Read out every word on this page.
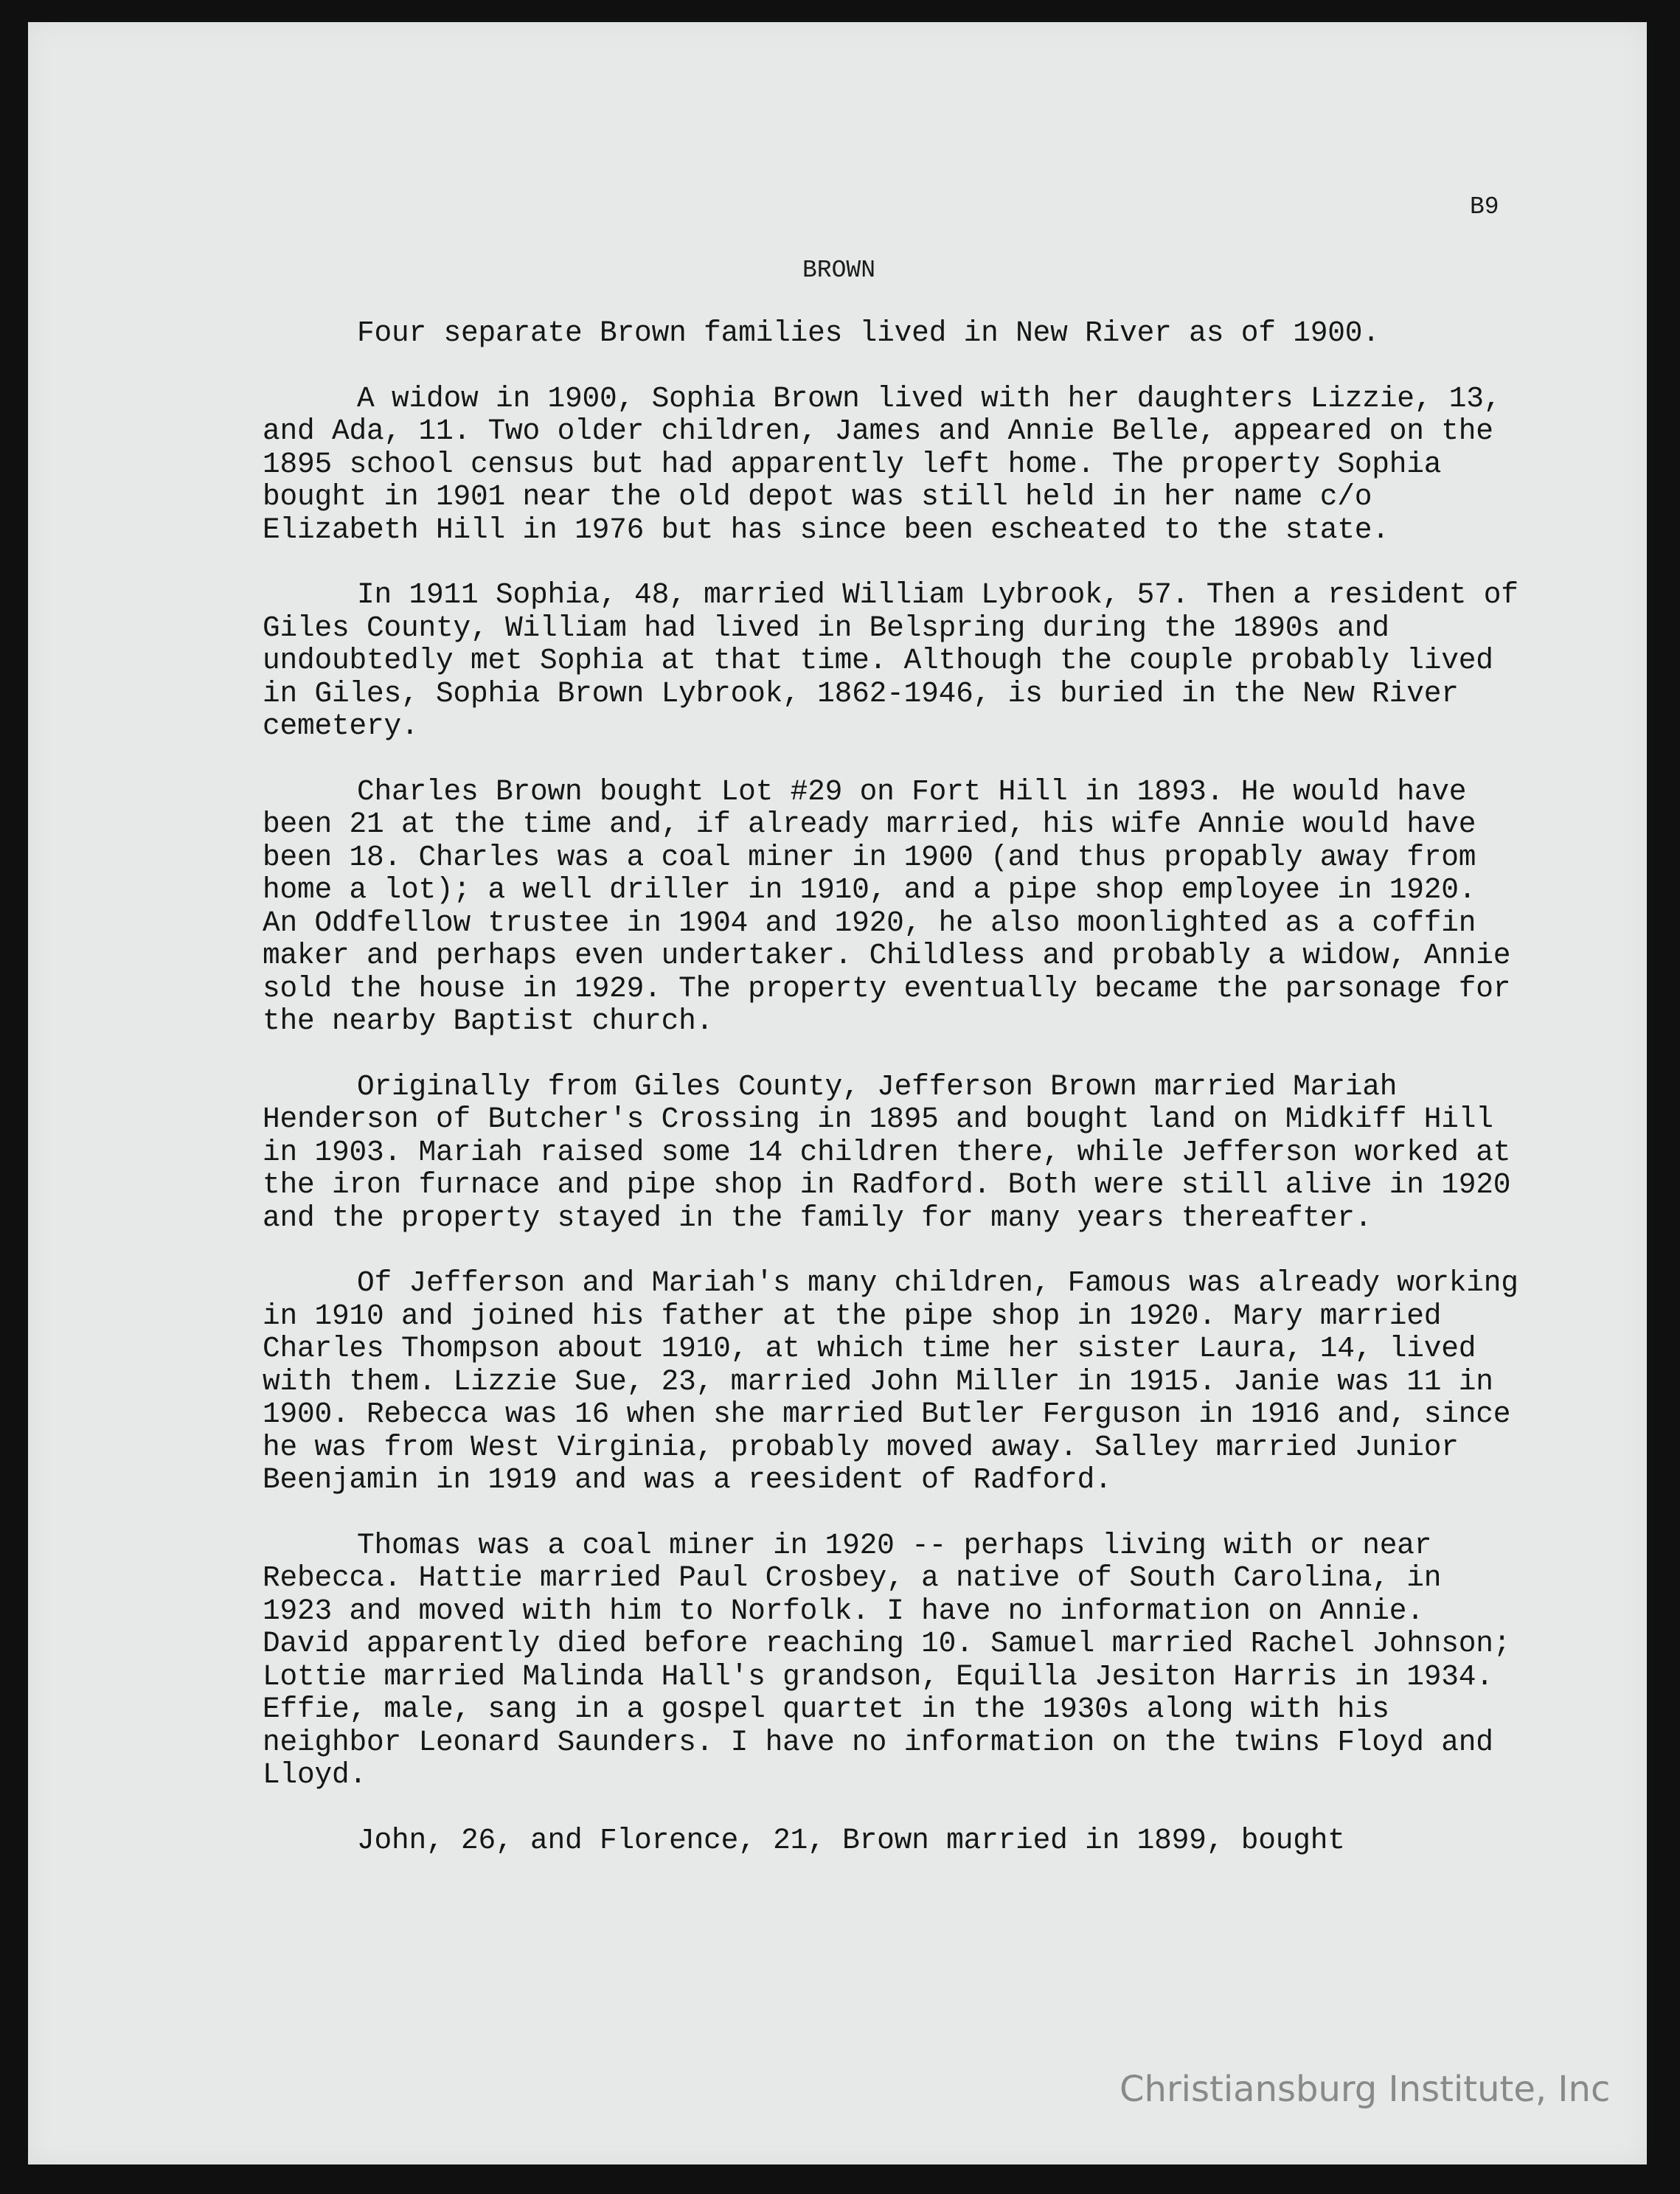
B9
BROWN

Four separate Brown families lived in New River as of 1900.

A widow in 1900, Sophia Brown lived with her daughters Lizzie, 13, and Ada, 11. Two older children, James and Annie Belle, appeared on the 1895 school census but had apparently left home. The property Sophia bought in 1901 near the old depot was still held in her name c/o Elizabeth Hill in 1976 but has since been escheated to the state.

In 1911 Sophia, 48, married William Lybrook, 57. Then a resident of Giles County, William had lived in Belspring during the 1890s and undoubtedly met Sophia at that time. Although the couple probably lived in Giles, Sophia Brown Lybrook, 1862-1946, is buried in the New River cemetery.

Charles Brown bought Lot #29 on Fort Hill in 1893. He would have been 21 at the time and, if already married, his wife Annie would have been 18. Charles was a coal miner in 1900 (and thus propably away from home a lot); a well driller in 1910, and a pipe shop employee in 1920. An Oddfellow trustee in 1904 and 1920, he also moonlighted as a coffin maker and perhaps even undertaker. Childless and probably a widow, Annie sold the house in 1929. The property eventually became the parsonage for the nearby Baptist church.

Originally from Giles County, Jefferson Brown married Mariah Henderson of Butcher's Crossing in 1895 and bought land on Midkiff Hill in 1903. Mariah raised some 14 children there, while Jefferson worked at the iron furnace and pipe shop in Radford. Both were still alive in 1920 and the property stayed in the family for many years thereafter.

Of Jefferson and Mariah's many children, Famous was already working in 1910 and joined his father at the pipe shop in 1920. Mary married Charles Thompson about 1910, at which time her sister Laura, 14, lived with them. Lizzie Sue, 23, married John Miller in 1915. Janie was 11 in 1900. Rebecca was 16 when she married Butler Ferguson in 1916 and, since he was from West Virginia, probably moved away. Salley married Junior Beenjamin in 1919 and was a reesident of Radford.

Thomas was a coal miner in 1920 -- perhaps living with or near Rebecca. Hattie married Paul Crosbey, a native of South Carolina, in 1923 and moved with him to Norfolk. I have no information on Annie. David apparently died before reaching 10. Samuel married Rachel Johnson; Lottie married Malinda Hall's grandson, Equilla Jesiton Harris in 1934. Effie, male, sang in a gospel quartet in the 1930s along with his neighbor Leonard Saunders. I have no information on the twins Floyd and Lloyd.

John, 26, and Florence, 21, Brown married in 1899, bought

Christiansburg Institute, Inc
